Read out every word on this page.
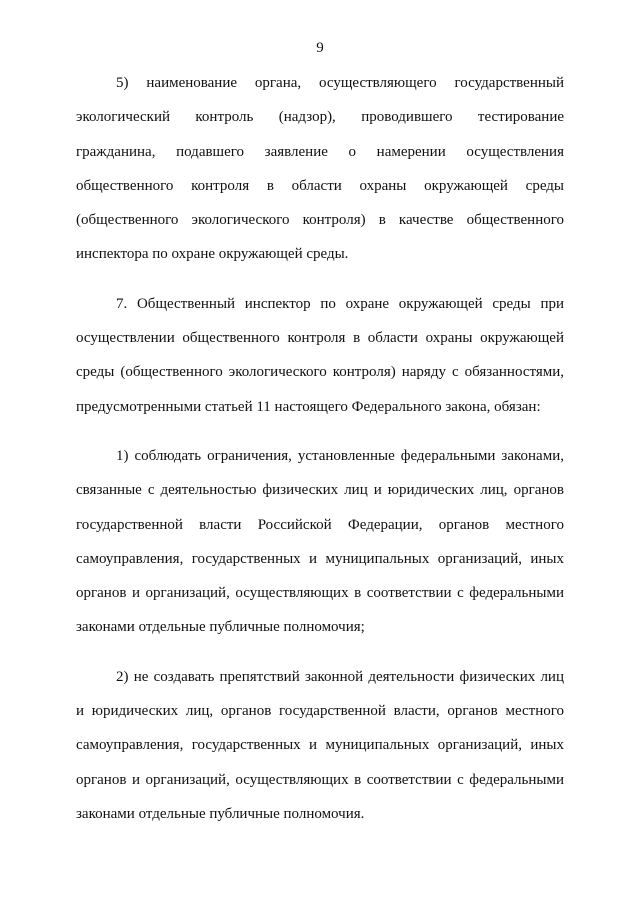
9

5) наименование органа, осуществляющего государственный
экологический контроль (надзор), проводившего тестирование
гражданина, подавшего заявление о намерении осуществления
общественного контроля в области охраны окружающей среды
(общественного экологического контроля) в качестве общественного
инспектора по охране окружающей среды.

7. Общественный инспектор по охране окружающей среды при
осуществлении общественного контроля в области охраны окружающей
среды (общественного экологического контроля) наряду с обязанностями,
предусмотренными статьей 11 настоящего Федерального закона, обязан:

1) соблюдать ограничения, установленные федеральными законами,
связанные с деятельностью физических лиц и юридических лиц, органов
государственной власти Российской Федерации, органов местного
самоуправления, государственных и муниципальных организаций, иных
органов и организаций, осуществляющих в соответствии с федеральными
законами отдельные публичные полномочия;

2) не создавать препятствий законной деятельности физических лиц
и юридических лиц, органов государственной власти, органов местного
самоуправления, государственных и муниципальных организаций, иных
органов и организаций, осуществляющих в соответствии с федеральными
законами отдельные публичные полномочия.
